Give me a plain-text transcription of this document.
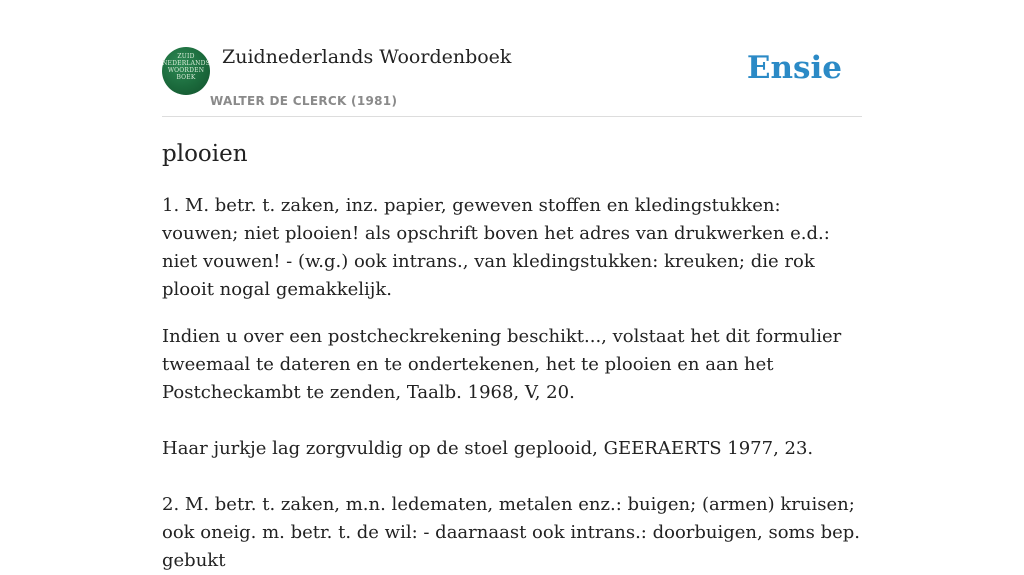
ZUID
NEDERLANDS
WOORDEN
BOEK
Zuidnederlands Woordenboek
WALTER DE CLERCK (1981)
Ensie
plooien

1. M. betr. t. zaken, inz. papier, geweven stoffen en kledingstukken: vouwen; niet plooien! als opschrift boven het adres van drukwerken e.d.: niet vouwen! - (w.g.) ook intrans., van kledingstukken: kreuken; die rok plooit nogal gemakkelijk.

Indien u over een postcheckrekening beschikt..., volstaat het dit formulier tweemaal te dateren en te ondertekenen, het te plooien en aan het Postcheckambt te zenden, Taalb. 1968, V, 20.

Haar jurkje lag zorgvuldig op de stoel geplooid, GEERAERTS 1977, 23.

2. M. betr. t. zaken, m.n. ledematen, metalen enz.: buigen; (armen) kruisen; ook oneig. m. betr. t. de wil: - daarnaast ook intrans.: doorbuigen, soms bep. gebukt
